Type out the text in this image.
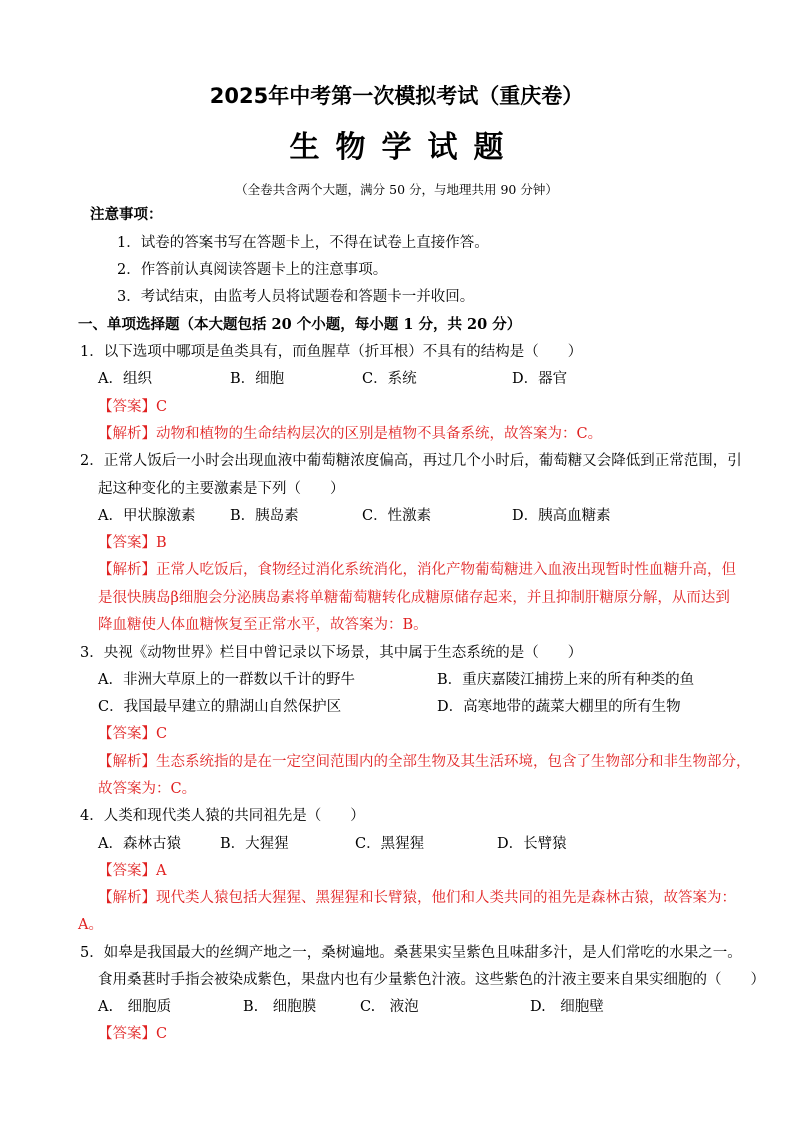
2025年中考第一次模拟考试（重庆卷）
生物学试题
（全卷共含两个大题，满分 50 分，与地理共用 90 分钟）
注意事项：
1．试卷的答案书写在答题卡上，不得在试卷上直接作答。
2．作答前认真阅读答题卡上的注意事项。
3．考试结束，由监考人员将试题卷和答题卡一并收回。
一、单项选择题（本大题包括 20 个小题，每小题 1 分，共 20 分）
1．以下选项中哪项是鱼类具有，而鱼腥草（折耳根）不具有的结构是（　　）
A．组织	B．细胞	C．系统	D．器官
【答案】C
【解析】动物和植物的生命结构层次的区别是植物不具备系统，故答案为：C。
2．正常人饭后一小时会出现血液中葡萄糖浓度偏高，再过几个小时后，葡萄糖又会降低到正常范围，引
起这种变化的主要激素是下列（　　）
A．甲状腺激素 B．胰岛素	C．性激素	D．胰高血糖素
【答案】B
【解析】正常人吃饭后，食物经过消化系统消化，消化产物葡萄糖进入血液出现暂时性血糖升高，但
是很快胰岛β细胞会分泌胰岛素将单糖葡萄糖转化成糖原储存起来，并且抑制肝糖原分解，从而达到
降血糖使人体血糖恢复至正常水平，故答案为：B。
3．央视《动物世界》栏目中曾记录以下场景，其中属于生态系统的是（　　）
A．非洲大草原上的一群数以千计的野牛	B．重庆嘉陵江捕捞上来的所有种类的鱼
C．我国最早建立的鼎湖山自然保护区	D．高寒地带的蔬菜大棚里的所有生物
【答案】C
【解析】生态系统指的是在一定空间范围内的全部生物及其生活环境，包含了生物部分和非生物部分，
故答案为：C。
4．人类和现代类人猿的共同祖先是（　　）
A．森林古猿	B．大猩猩	C．黑猩猩	D．长臂猿
【答案】A
【解析】现代类人猿包括大猩猩、黑猩猩和长臂猿，他们和人类共同的祖先是森林古猿，故答案为：
A。
5．如皋是我国最大的丝绸产地之一，桑树遍地。桑葚果实呈紫色且味甜多汁，是人们常吃的水果之一。
食用桑葚时手指会被染成紫色，果盘内也有少量紫色汁液。这些紫色的汁液主要来自果实细胞的（　　）
A.　细胞质	B.　细胞膜	C.　液泡	D.　细胞壁
【答案】C
